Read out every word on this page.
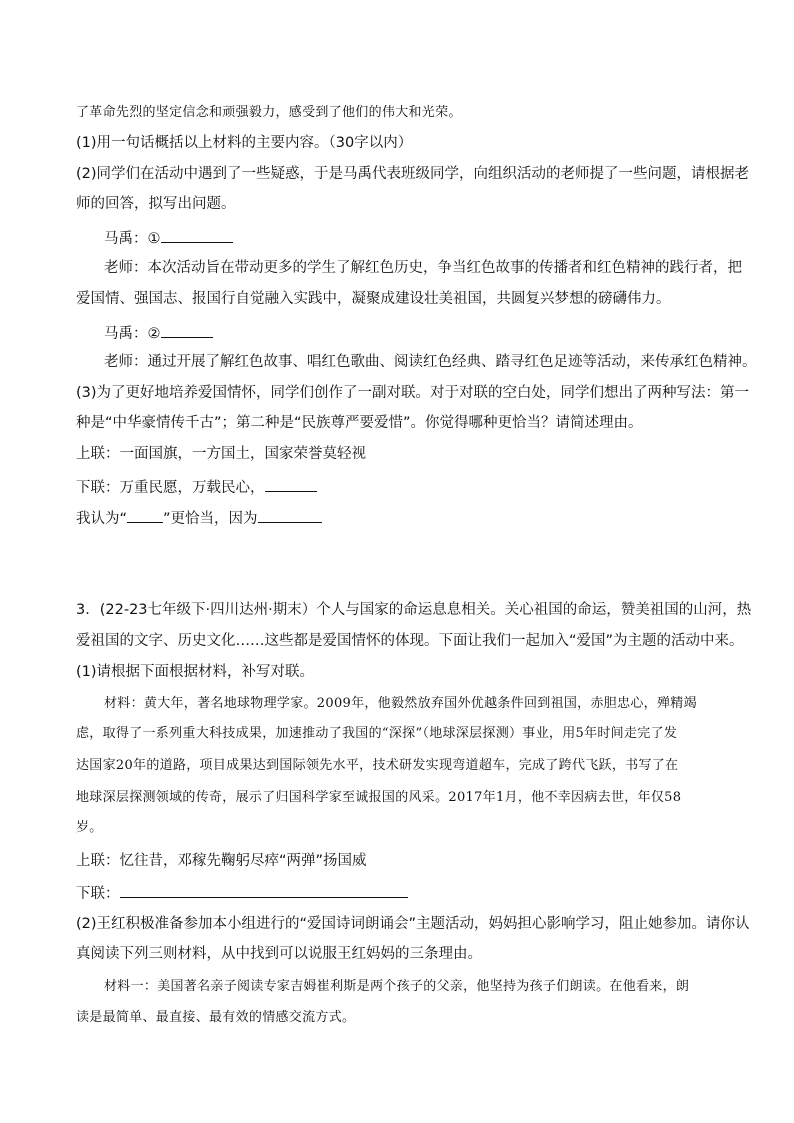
了革命先烈的坚定信念和顽强毅力，感受到了他们的伟大和光荣。
(1)用一句话概括以上材料的主要内容。（30字以内）
(2)同学们在活动中遇到了一些疑惑，于是马禹代表班级同学，向组织活动的老师提了一些问题，请根据老
师的回答，拟写出问题。
马禹：①
老师：本次活动旨在带动更多的学生了解红色历史，争当红色故事的传播者和红色精神的践行者，把
爱国情、强国志、报国行自觉融入实践中，凝聚成建设壮美祖国，共圆复兴梦想的磅礴伟力。
马禹：②
老师：通过开展了解红色故事、唱红色歌曲、阅读红色经典、踏寻红色足迹等活动，来传承红色精神。
(3)为了更好地培养爱国情怀，同学们创作了一副对联。对于对联的空白处，同学们想出了两种写法：第一
种是“中华豪情传千古”；第二种是“民族尊严要爱惜”。你觉得哪种更恰当？请简述理由。
上联：一面国旗，一方国土，国家荣誉莫轻视
下联：万重民愿，万载民心，
我认为“ ”更恰当，因为
3．(22-23七年级下·四川达州·期末）个人与国家的命运息息相关。关心祖国的命运，赞美祖国的山河，热
爱祖国的文字、历史文化……这些都是爱国情怀的体现。下面让我们一起加入“爱国”为主题的活动中来。
(1)请根据下面根据材料，补写对联。
材料：黄大年，著名地球物理学家。2009年，他毅然放弃国外优越条件回到祖国，赤胆忠心，殚精竭
虑，取得了一系列重大科技成果，加速推动了我国的“深探”（地球深层探测）事业，用5年时间走完了发
达国家20年的道路，项目成果达到国际领先水平，技术研发实现弯道超车，完成了跨代飞跃，书写了在
地球深层探测领域的传奇，展示了归国科学家至诚报国的风采。2017年1月，他不幸因病去世，年仅58
岁。
上联：忆往昔，邓稼先鞠躬尽瘁“两弹”扬国威
下联：
(2)王红积极准备参加本小组进行的“爱国诗词朗诵会”主题活动，妈妈担心影响学习，阻止她参加。请你认
真阅读下列三则材料，从中找到可以说服王红妈妈的三条理由。
材料一：美国著名亲子阅读专家吉姆崔利斯是两个孩子的父亲，他坚持为孩子们朗读。在他看来，朗
读是最简单、最直接、最有效的情感交流方式。
